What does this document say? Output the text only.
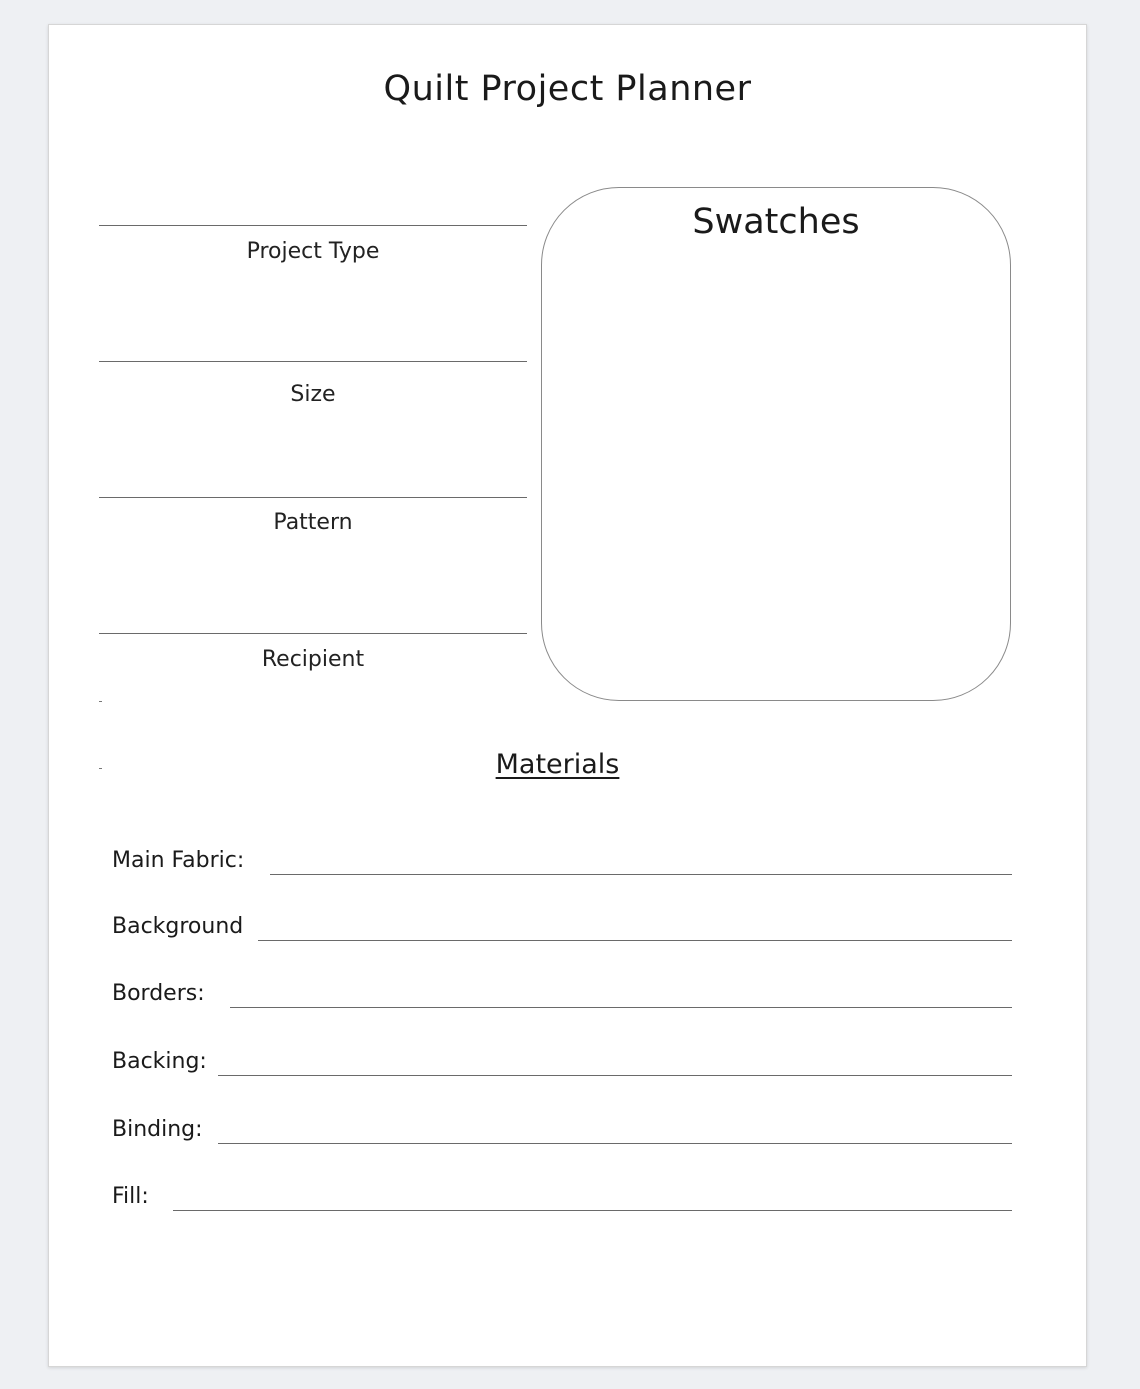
Quilt Project Planner
Project Type
Size
Pattern
Recipient
Swatches
Materials
Main Fabric:
Background
Borders:
Backing:
Binding:
Fill:
